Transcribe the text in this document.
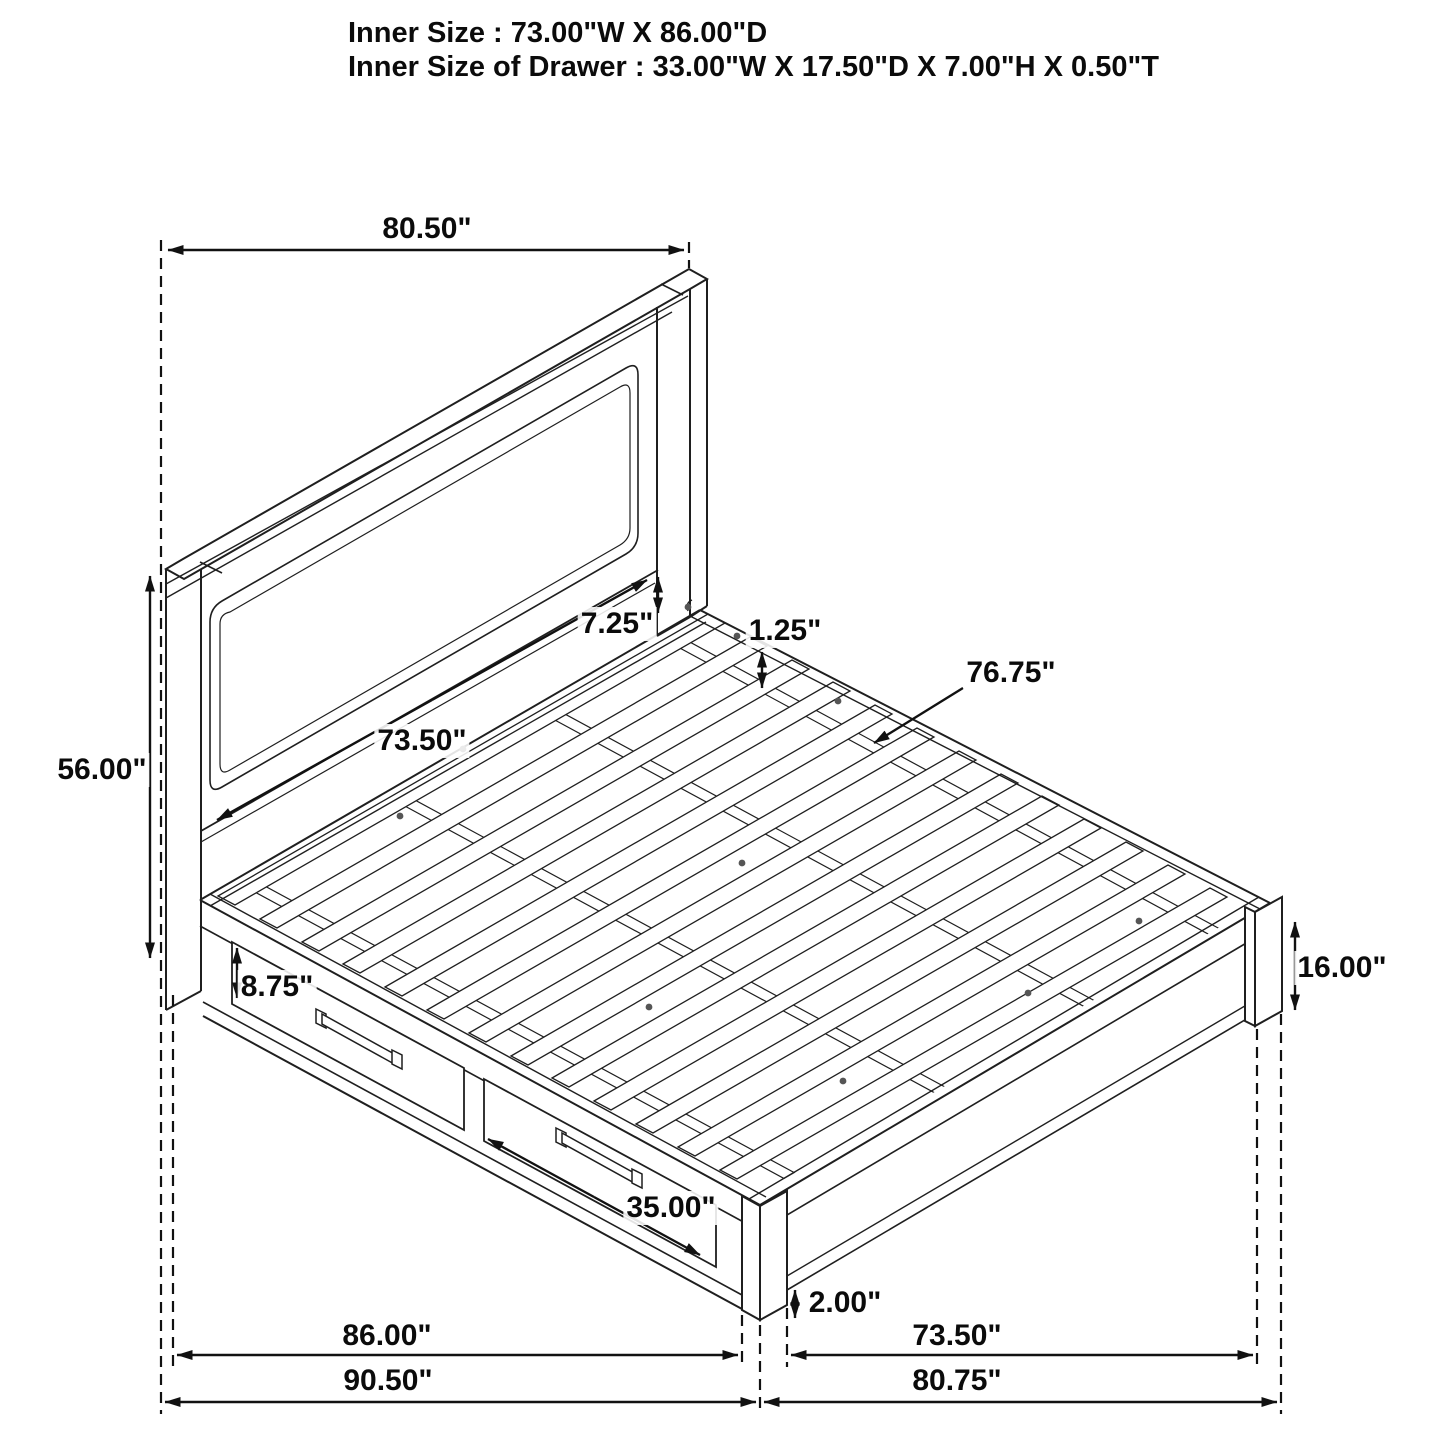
Inner Size : 73.00"W X 86.00"D
Inner Size of Drawer : 33.00"W X 17.50"D X 7.00"H X 0.50"T
80.50"
56.00"
73.50"
7.25"	1.25"
76.75"
8.75"
16.00"
35.00"
2.00"
86.00"
90.50"
73.50"
80.75"
